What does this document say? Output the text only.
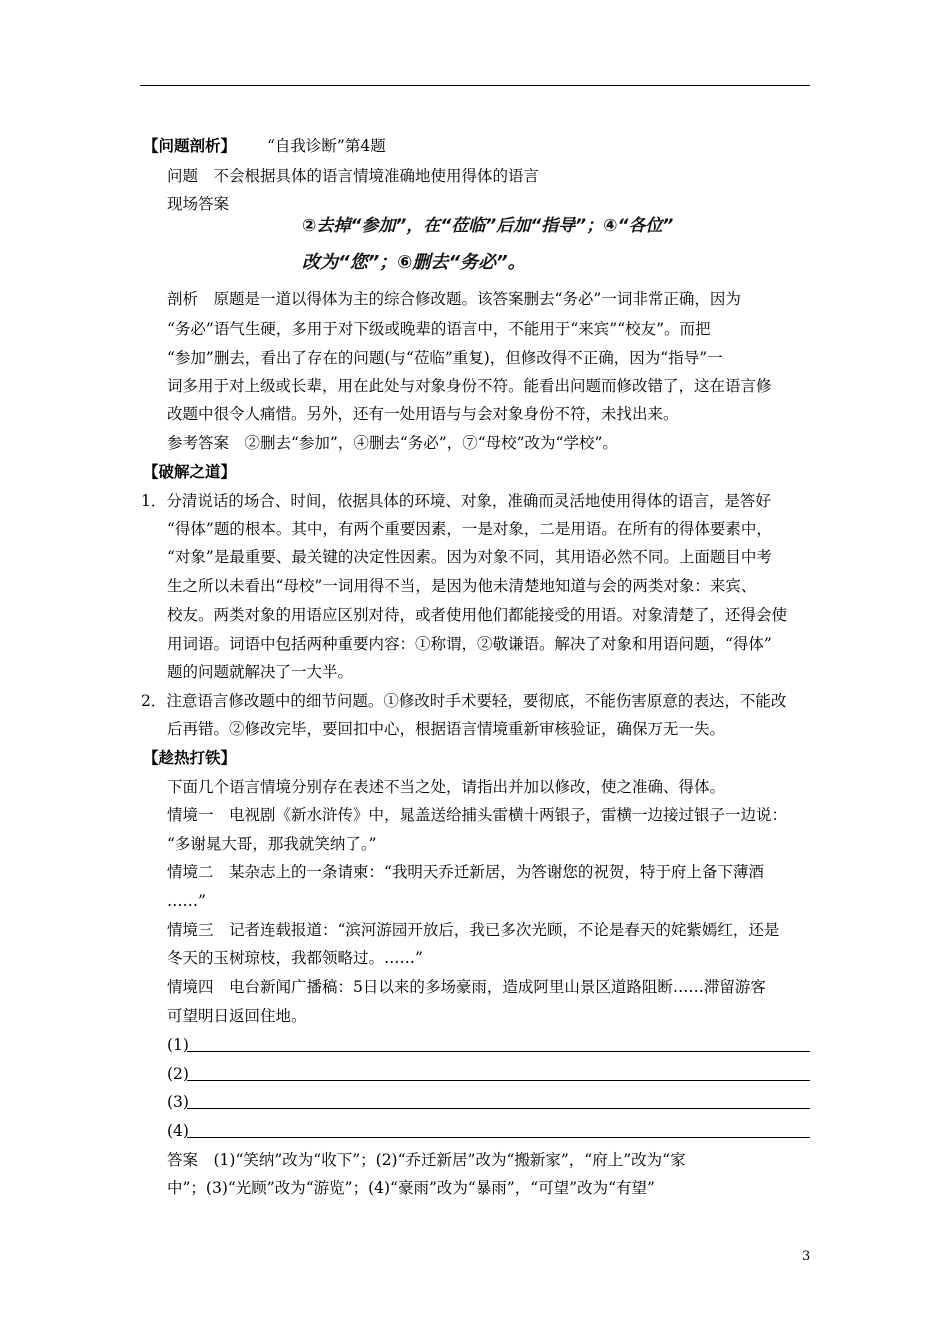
【问题剖析】 “自我诊断”第4题
问题　不会根据具体的语言情境准确地使用得体的语言
现场答案
②去掉“参加”，在“莅临”后加“指导”；④“各位”
改为“您”；⑥删去“务必”。
剖析　原题是一道以得体为主的综合修改题。该答案删去“务必”一词非常正确，因为
“务必”语气生硬，多用于对下级或晚辈的语言中，不能用于“来宾”“校友”。而把
“参加”删去，看出了存在的问题(与“莅临”重复)，但修改得不正确，因为“指导”一
词多用于对上级或长辈，用在此处与对象身份不符。能看出问题而修改错了，这在语言修
改题中很令人痛惜。另外，还有一处用语与与会对象身份不符，未找出来。
参考答案　②删去“参加”，④删去“务必”，⑦“母校”改为“学校”。
【破解之道】
1．分清说话的场合、时间，依据具体的环境、对象，准确而灵活地使用得体的语言，是答好
“得体”题的根本。其中，有两个重要因素，一是对象，二是用语。在所有的得体要素中，
“对象”是最重要、最关键的决定性因素。因为对象不同，其用语必然不同。上面题目中考
生之所以未看出“母校”一词用得不当，是因为他未清楚地知道与会的两类对象：来宾、
校友。两类对象的用语应区别对待，或者使用他们都能接受的用语。对象清楚了，还得会使
用词语。词语中包括两种重要内容：①称谓，②敬谦语。解决了对象和用语问题，“得体”
题的问题就解决了一大半。
2．注意语言修改题中的细节问题。①修改时手术要轻，要彻底，不能伤害原意的表达，不能改
后再错。②修改完毕，要回扣中心，根据语言情境重新审核验证，确保万无一失。
【趁热打铁】
下面几个语言情境分别存在表述不当之处，请指出并加以修改，使之准确、得体。
情境一　电视剧《新水浒传》中，晁盖送给捕头雷横十两银子，雷横一边接过银子一边说：
“多谢晁大哥，那我就笑纳了。”
情境二　某杂志上的一条请柬：“我明天乔迁新居，为答谢您的祝贺，特于府上备下薄酒
……”
情境三　记者连载报道：“滨河游园开放后，我已多次光顾，不论是春天的姹紫嫣红，还是
冬天的玉树琼枝，我都领略过。……”
情境四　电台新闻广播稿：5日以来的多场豪雨，造成阿里山景区道路阻断……滞留游客
可望明日返回住地。
(1)
(2)
(3)
(4)
答案　(1)“笑纳”改为“收下”；(2)“乔迁新居”改为“搬新家”，“府上”改为“家
中”；(3)“光顾”改为“游览”；(4)“豪雨”改为“暴雨”，“可望”改为“有望”
3
